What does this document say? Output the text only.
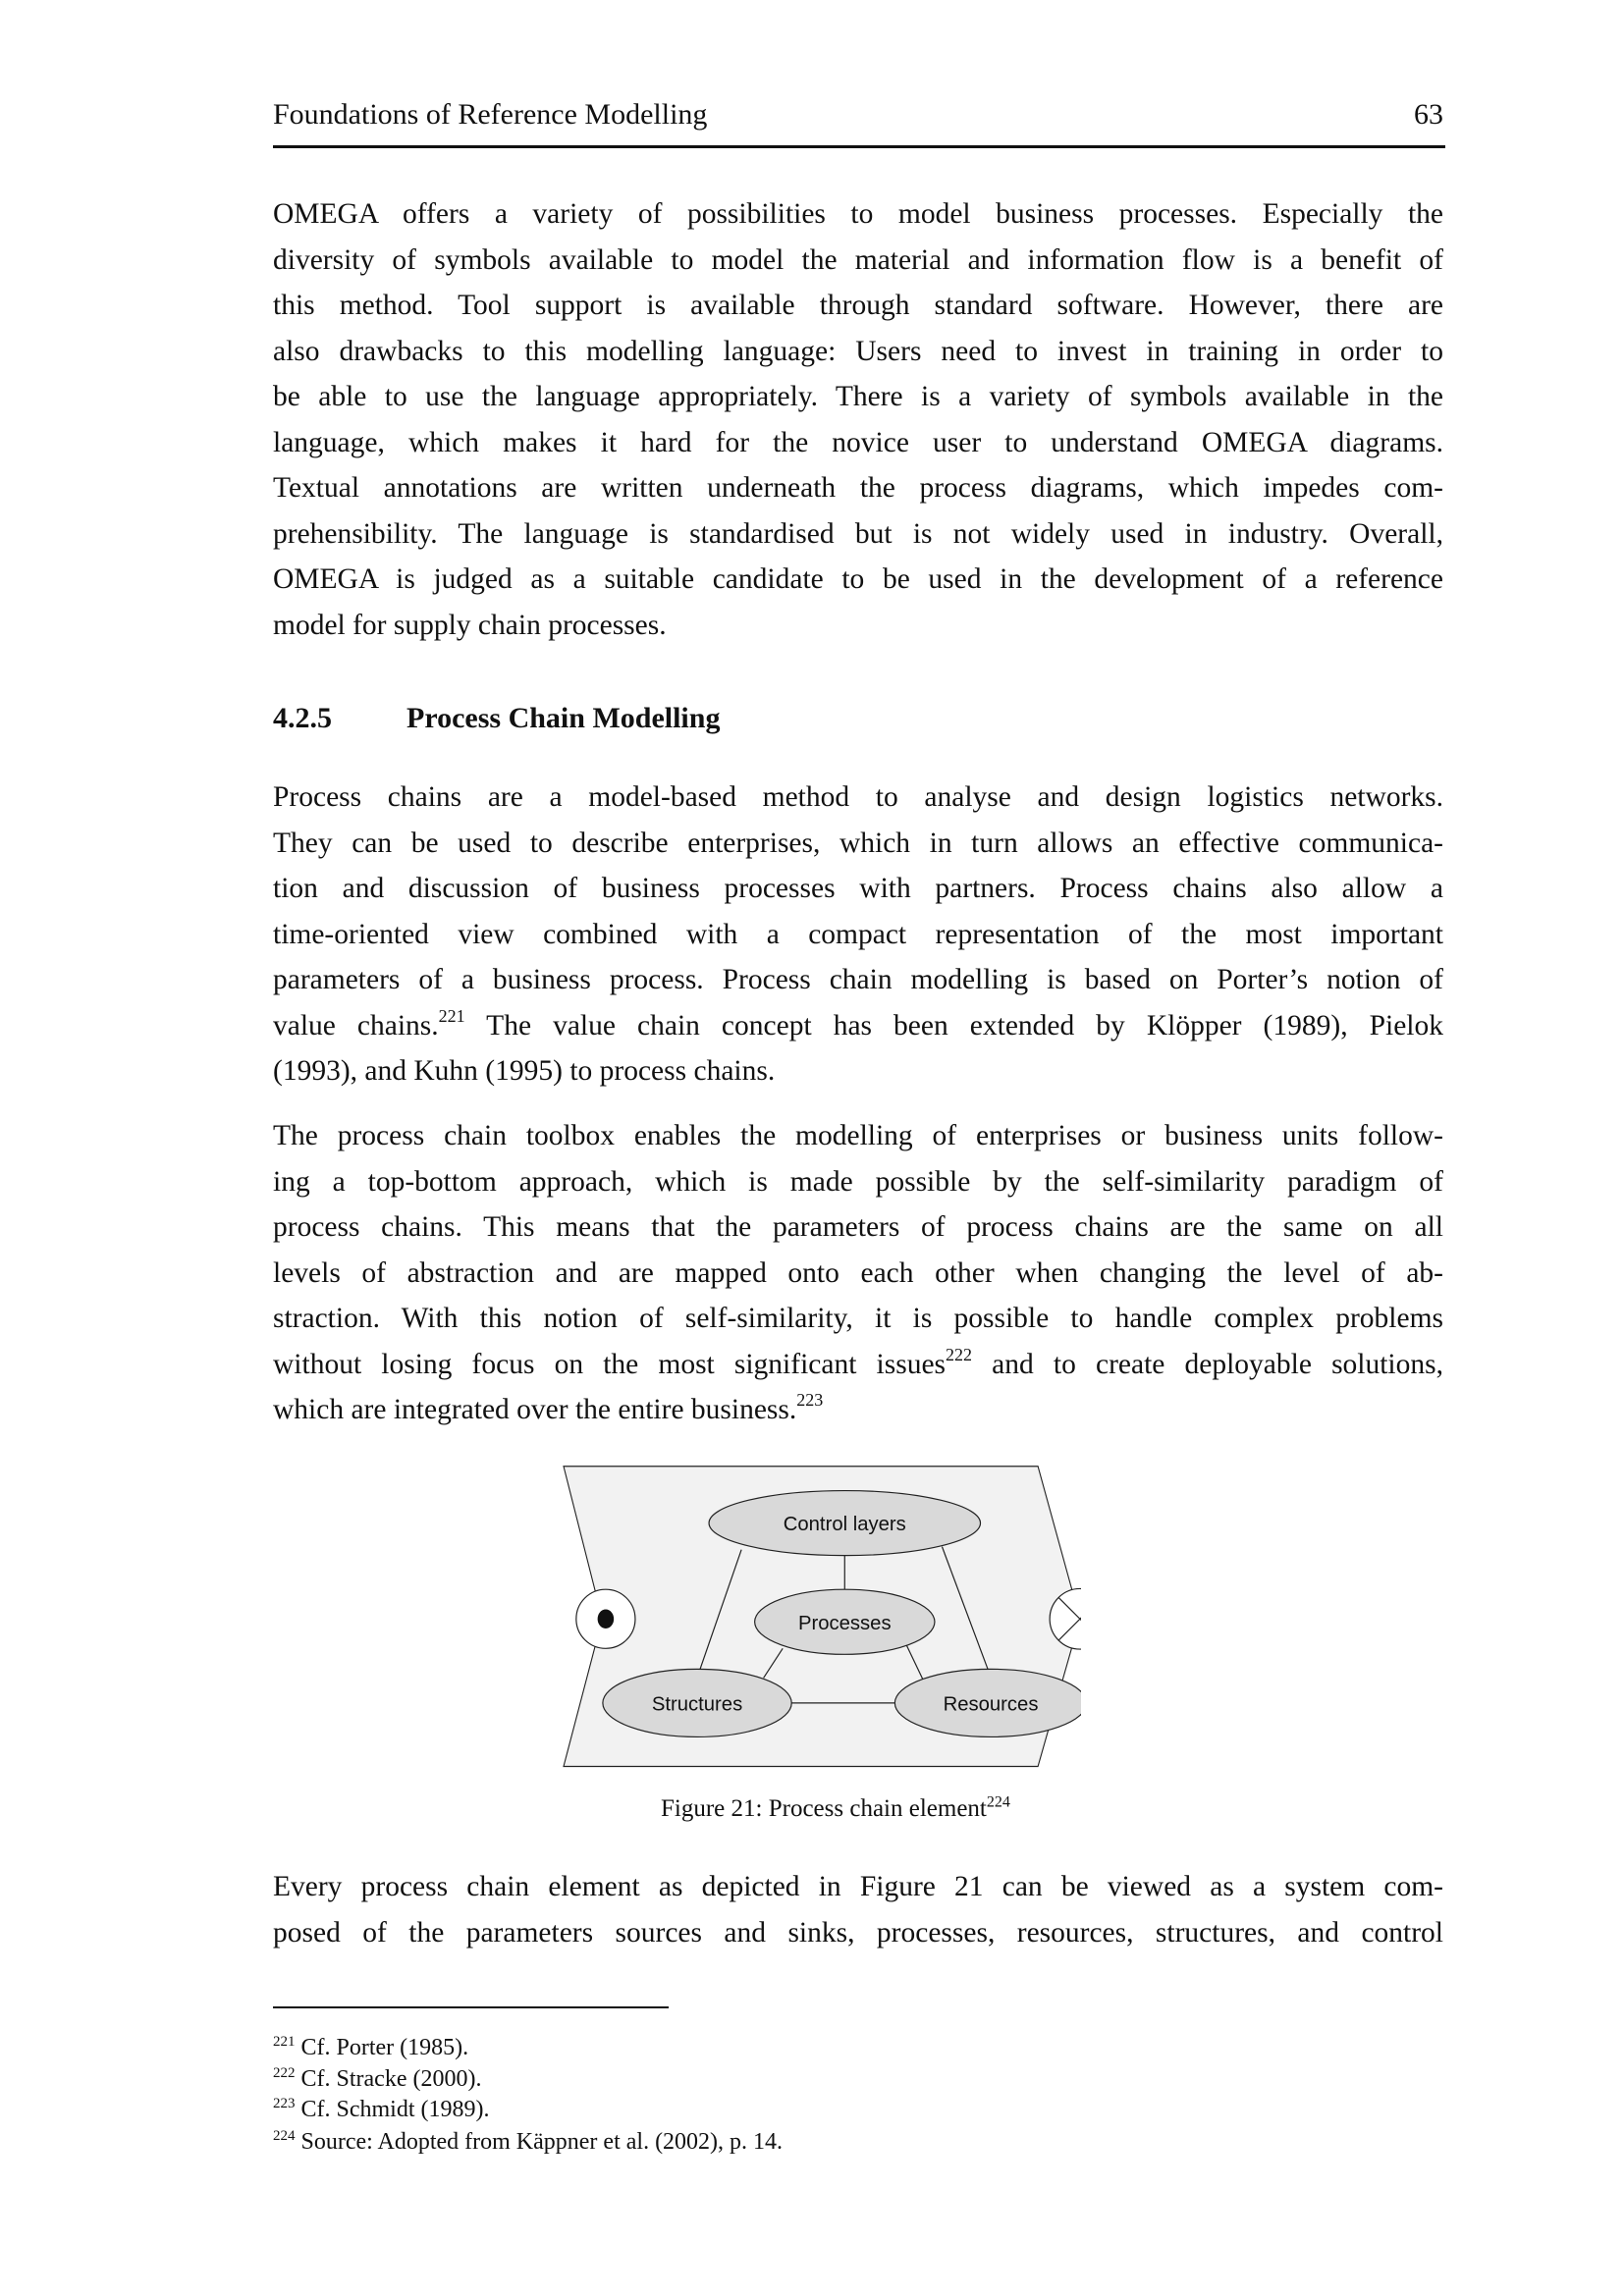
Foundations of Reference Modelling	63
OMEGA offers a variety of possibilities to model business processes. Especially the
diversity of symbols available to model the material and information flow is a benefit of
this method. Tool support is available through standard software. However, there are
also drawbacks to this modelling language: Users need to invest in training in order to
be able to use the language appropriately. There is a variety of symbols available in the
language, which makes it hard for the novice user to understand OMEGA diagrams.
Textual annotations are written underneath the process diagrams, which impedes com-
prehensibility. The language is standardised but is not widely used in industry. Overall,
OMEGA is judged as a suitable candidate to be used in the development of a reference
model for supply chain processes.
4.2.5	Process Chain Modelling
Process chains are a model-based method to analyse and design logistics networks.
They can be used to describe enterprises, which in turn allows an effective communica-
tion and discussion of business processes with partners. Process chains also allow a
time-oriented view combined with a compact representation of the most important
parameters of a business process. Process chain modelling is based on Porter’s notion of
value chains.$^{221}$ The value chain concept has been extended by Klöpper (1989), Pielok
(1993), and Kuhn (1995) to process chains.
The process chain toolbox enables the modelling of enterprises or business units follow-
ing a top-bottom approach, which is made possible by the self-similarity paradigm of
process chains. This means that the parameters of process chains are the same on all
levels of abstraction and are mapped onto each other when changing the level of ab-
straction. With this notion of self-similarity, it is possible to handle complex problems
without losing focus on the most significant issues$^{222}$ and to create deployable solutions,
which are integrated over the entire business.$^{223}$
Control layers
Processes
Structures	Resources
Figure 21: Process chain element$^{224}$
Every process chain element as depicted in Figure 21 can be viewed as a system com-
posed of the parameters sources and sinks, processes, resources, structures, and control
$^{221}$ Cf. Porter (1985).
$^{222}$ Cf. Stracke (2000).
$^{223}$ Cf. Schmidt (1989).
$^{224}$ Source: Adopted from Käppner et al. (2002), p. 14.
